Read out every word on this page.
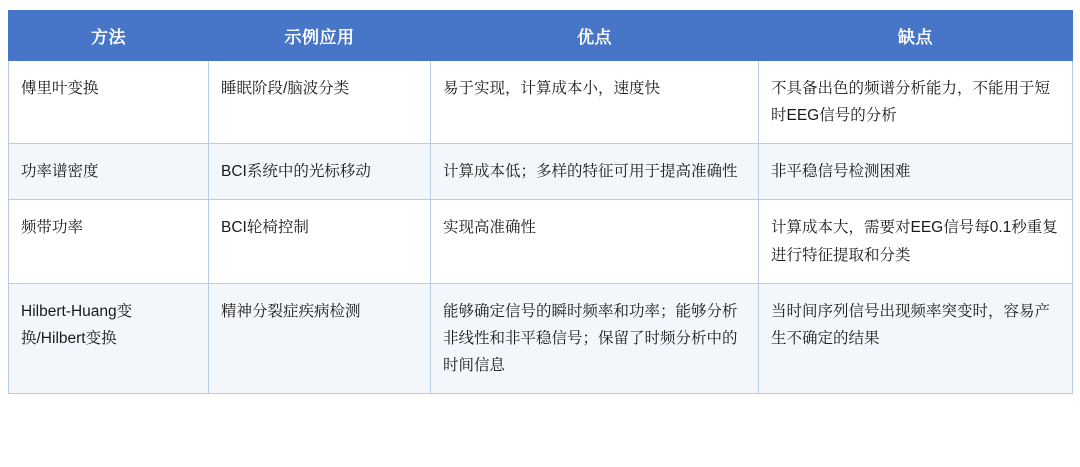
方法	示例应用	优点	缺点
傅里叶变换	睡眠阶段/脑波分类	易于实现，计算成本小，速度快	不具备出色的频谱分析能力，不能用于短时EEG信号的分析
功率谱密度	BCI系统中的光标移动	计算成本低；多样的特征可用于提高准确性	非平稳信号检测困难
频带功率	BCI轮椅控制	实现高准确性	计算成本大，需要对EEG信号每0.1秒重复进行特征提取和分类
Hilbert-Huang变换/Hilbert变换	精神分裂症疾病检测	能够确定信号的瞬时频率和功率；能够分析非线性和非平稳信号；保留了时频分析中的时间信息	当时间序列信号出现频率突变时，容易产生不确定的结果
